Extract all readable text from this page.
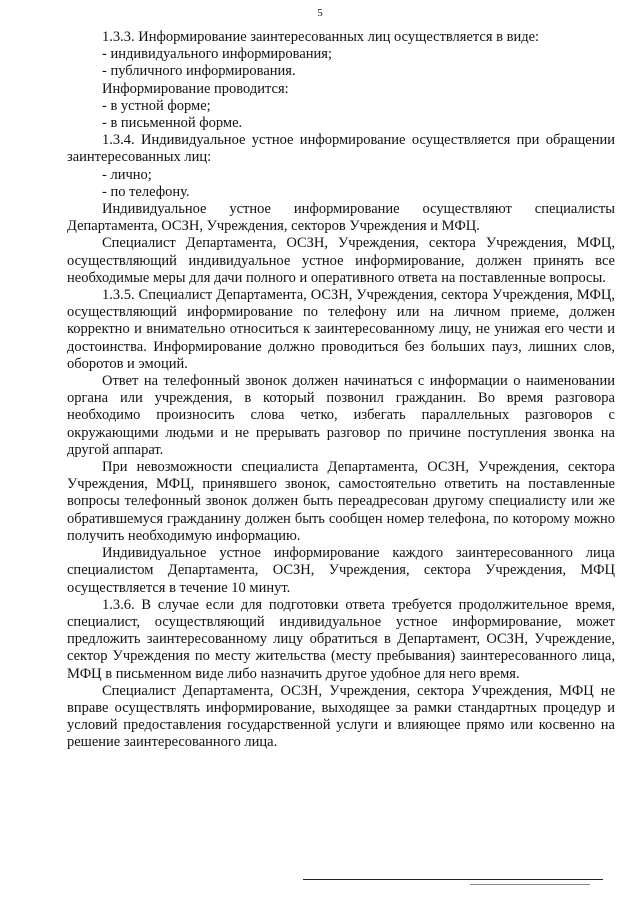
5

1.3.3. Информирование заинтересованных лиц осуществляется в виде:

- индивидуального информирования;

- публичного информирования.

Информирование проводится:

- в устной форме;

- в письменной форме.

1.3.4. Индивидуальное устное информирование осуществляется при обращении заинтересованных лиц:

- лично;

- по телефону.

Индивидуальное устное информирование осуществляют специалисты Департамента, ОСЗН, Учреждения, секторов Учреждения и МФЦ.

Специалист Департамента, ОСЗН, Учреждения, сектора Учреждения, МФЦ, осуществляющий индивидуальное устное информирование, должен принять все необходимые меры для дачи полного и оперативного ответа на поставленные вопросы.

1.3.5. Специалист Департамента, ОСЗН, Учреждения, сектора Учреждения, МФЦ, осуществляющий информирование по телефону или на личном приеме, должен корректно и внимательно относиться к заинтересованному лицу, не унижая его чести и достоинства. Информирование должно проводиться без больших пауз, лишних слов, оборотов и эмоций.

Ответ на телефонный звонок должен начинаться с информации о наименовании органа или учреждения, в который позвонил гражданин. Во время разговора необходимо произносить слова четко, избегать параллельных разговоров с окружающими людьми и не прерывать разговор по причине поступления звонка на другой аппарат.

При невозможности специалиста Департамента, ОСЗН, Учреждения, сектора Учреждения, МФЦ, принявшего звонок, самостоятельно ответить на поставленные вопросы телефонный звонок должен быть переадресован другому специалисту или же обратившемуся гражданину должен быть сообщен номер телефона, по которому можно получить необходимую информацию.

Индивидуальное устное информирование каждого заинтересованного лица специалистом Департамента, ОСЗН, Учреждения, сектора Учреждения, МФЦ осуществляется в течение 10 минут.

1.3.6. В случае если для подготовки ответа требуется продолжительное время, специалист, осуществляющий индивидуальное устное информирование, может предложить заинтересованному лицу обратиться в Департамент, ОСЗН, Учреждение, сектор Учреждения по месту жительства (месту пребывания) заинтересованного лица, МФЦ в письменном виде либо назначить другое удобное для него время.

Специалист Департамента, ОСЗН, Учреждения, сектора Учреждения, МФЦ не вправе осуществлять информирование, выходящее за рамки стандартных процедур и условий предоставления государственной услуги и влияющее прямо или косвенно на решение заинтересованного лица.
